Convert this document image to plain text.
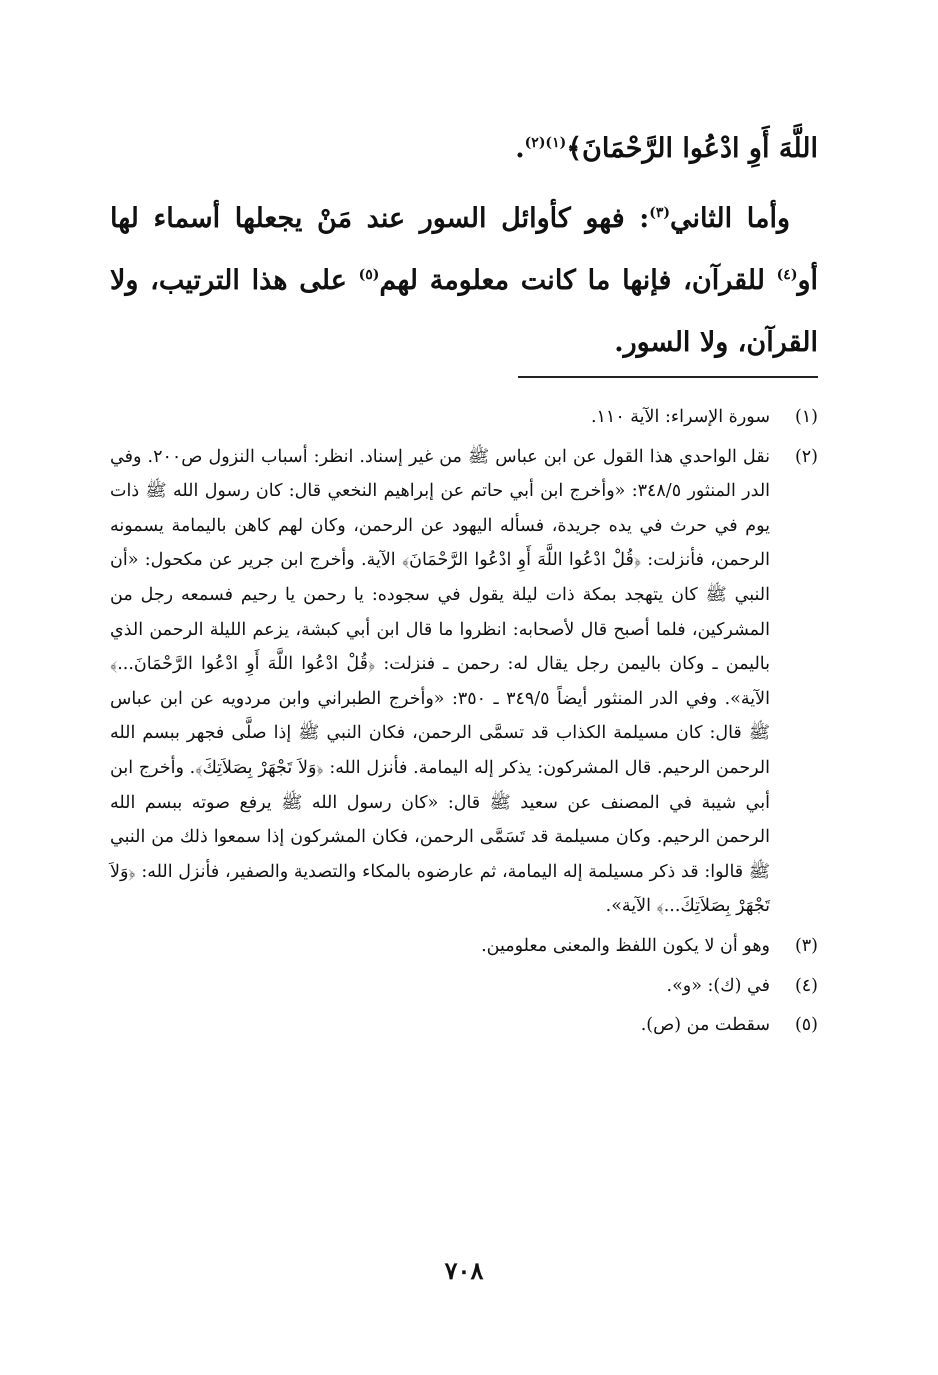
اللَّهَ أَوِ ادْعُوا الرَّحْمَانَ﴾$^{(١)(٢)}$.

وأما الثاني$^{(٣)}$: فهو كأوائل السور عند مَنْ يجعلها أسماء لها أو$^{(٤)}$ للقرآن، فإنها ما كانت معلومة لهم$^{(٥)}$ على هذا الترتيب، ولا القرآن، ولا السور.

(١)
سورة الإسراء: الآية ١١٠.
(٢)
نقل الواحدي هذا القول عن ابن عباس ﷺ من غير إسناد. انظر: أسباب النزول ص٢٠٠. وفي الدر المنثور ٣٤٨/٥: «وأخرج ابن أبي حاتم عن إبراهيم النخعي قال: كان رسول الله ﷺ ذات يوم في حرث في يده جريدة، فسأله اليهود عن الرحمن، وكان لهم كاهن باليمامة يسمونه الرحمن، فأنزلت: ﴿قُلْ ادْعُوا اللَّهَ أَوِ ادْعُوا الرَّحْمَانَ﴾ الآية. وأخرج ابن جرير عن مكحول: «أن النبي ﷺ كان يتهجد بمكة ذات ليلة يقول في سجوده: يا رحمن يا رحيم فسمعه رجل من المشركين، فلما أصبح قال لأصحابه: انظروا ما قال ابن أبي كبشة، يزعم الليلة الرحمن الذي باليمن ـ وكان باليمن رجل يقال له: رحمن ـ فنزلت: ﴿قُلْ ادْعُوا اللَّهَ أَوِ ادْعُوا الرَّحْمَانَ...﴾ الآية». وفي الدر المنثور أيضاً ٣٤٩/٥ ـ ٣٥٠: «وأخرج الطبراني وابن مردويه عن ابن عباس ﷺ قال: كان مسيلمة الكذاب قد تسمَّى الرحمن، فكان النبي ﷺ إذا صلَّى فجهر ببسم الله الرحمن الرحيم. قال المشركون: يذكر إله اليمامة. فأنزل الله: ﴿وَلاَ تَجْهَرْ بِصَلاَتِكَ﴾. وأخرج ابن أبي شيبة في المصنف عن سعيد ﷺ قال: «كان رسول الله ﷺ يرفع صوته ببسم الله الرحمن الرحيم. وكان مسيلمة قد تَسَمَّى الرحمن، فكان المشركون إذا سمعوا ذلك من النبي ﷺ قالوا: قد ذكر مسيلمة إله اليمامة، ثم عارضوه بالمكاء والتصدية والصفير، فأنزل الله: ﴿وَلاَ تَجْهَرْ بِصَلاَتِكَ...﴾ الآية».
(٣)
وهو أن لا يكون اللفظ والمعنى معلومين.
(٤)
في (ك): «و».
(٥)
سقطت من (ص).
٧٠٨
